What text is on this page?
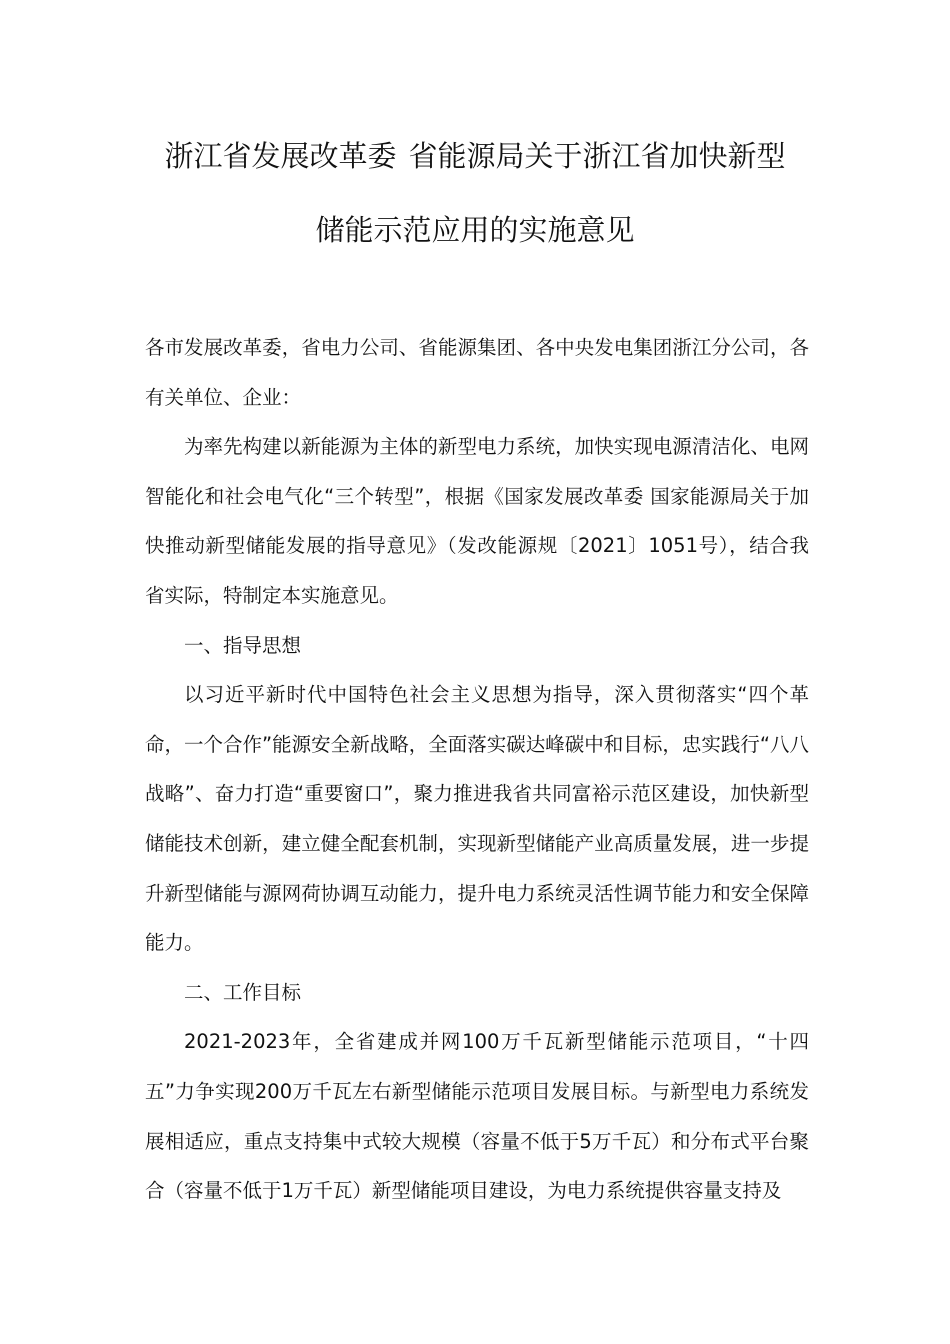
浙江省发展改革委 省能源局关于浙江省加快新型
储能示范应用的实施意见

各市发展改革委，省电力公司、省能源集团、各中央发电集团浙江分公司，各有关单位、企业：

为率先构建以新能源为主体的新型电力系统，加快实现电源清洁化、电网智能化和社会电气化“三个转型”，根据《国家发展改革委 国家能源局关于加快推动新型储能发展的指导意见》（发改能源规〔2021〕1051号），结合我省实际，特制定本实施意见。

一、指导思想

以习近平新时代中国特色社会主义思想为指导，深入贯彻落实“四个革命，一个合作”能源安全新战略，全面落实碳达峰碳中和目标，忠实践行“八八战略”、奋力打造“重要窗口”，聚力推进我省共同富裕示范区建设，加快新型储能技术创新，建立健全配套机制，实现新型储能产业高质量发展，进一步提升新型储能与源网荷协调互动能力，提升电力系统灵活性调节能力和安全保障能力。

二、工作目标

2021-2023年，全省建成并网100万千瓦新型储能示范项目，“十四五”力争实现200万千瓦左右新型储能示范项目发展目标。与新型电力系统发展相适应，重点支持集中式较大规模（容量不低于5万千瓦）和分布式平台聚合（容量不低于1万千瓦）新型储能项目建设，为电力系统提供容量支持及
